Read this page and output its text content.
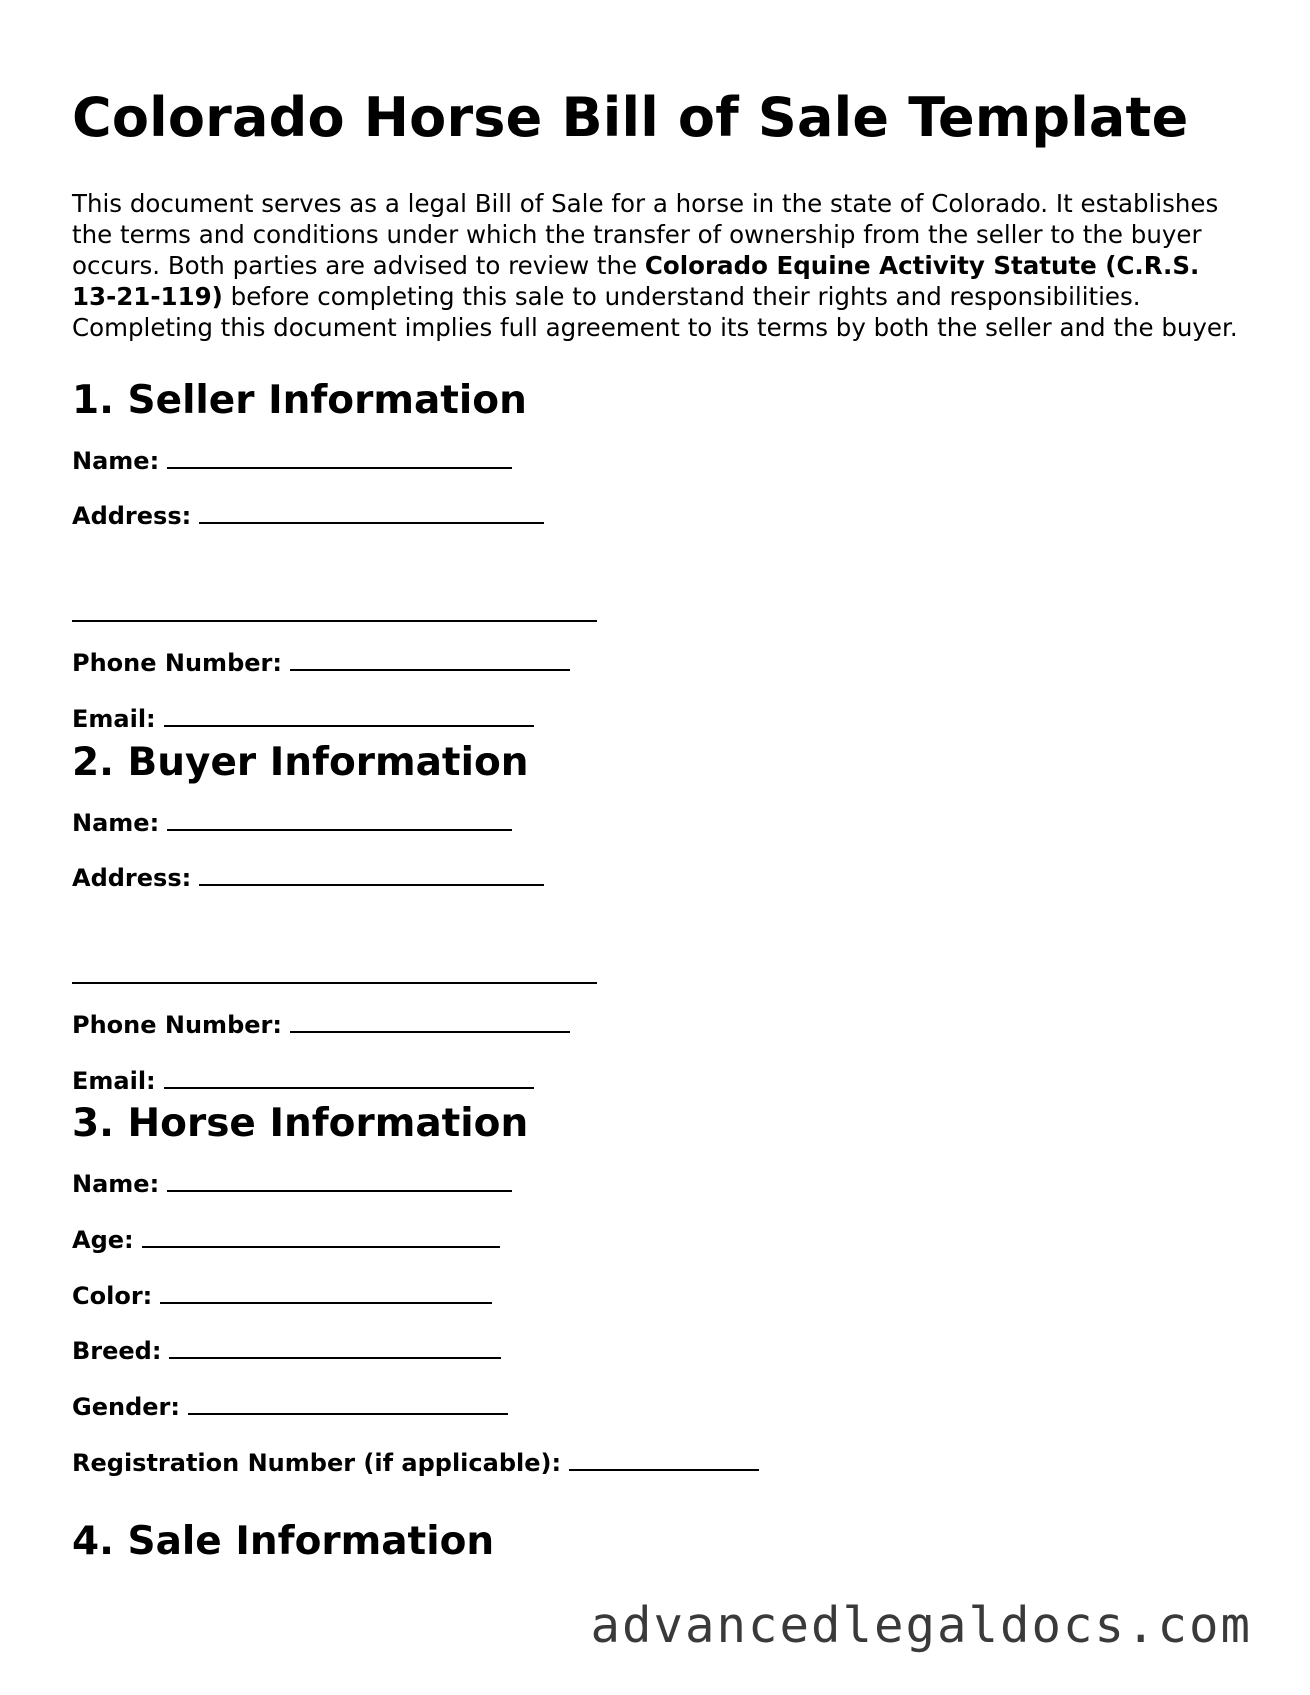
Colorado Horse Bill of Sale Template

This document serves as a legal Bill of Sale for a horse in the state of Colorado. It establishes the terms and conditions under which the transfer of ownership from the seller to the buyer occurs. Both parties are advised to review the Colorado Equine Activity Statute (C.R.S. 13-21-119) before completing this sale to understand their rights and responsibilities. Completing this document implies full agreement to its terms by both the seller and the buyer.

1. Seller Information
Name:
Address:
Phone Number:
Email:
2. Buyer Information
Name:
Address:
Phone Number:
Email:
3. Horse Information
Name:
Age:
Color:
Breed:
Gender:
Registration Number (if applicable):
4. Sale Information
advancedlegaldocs.com
